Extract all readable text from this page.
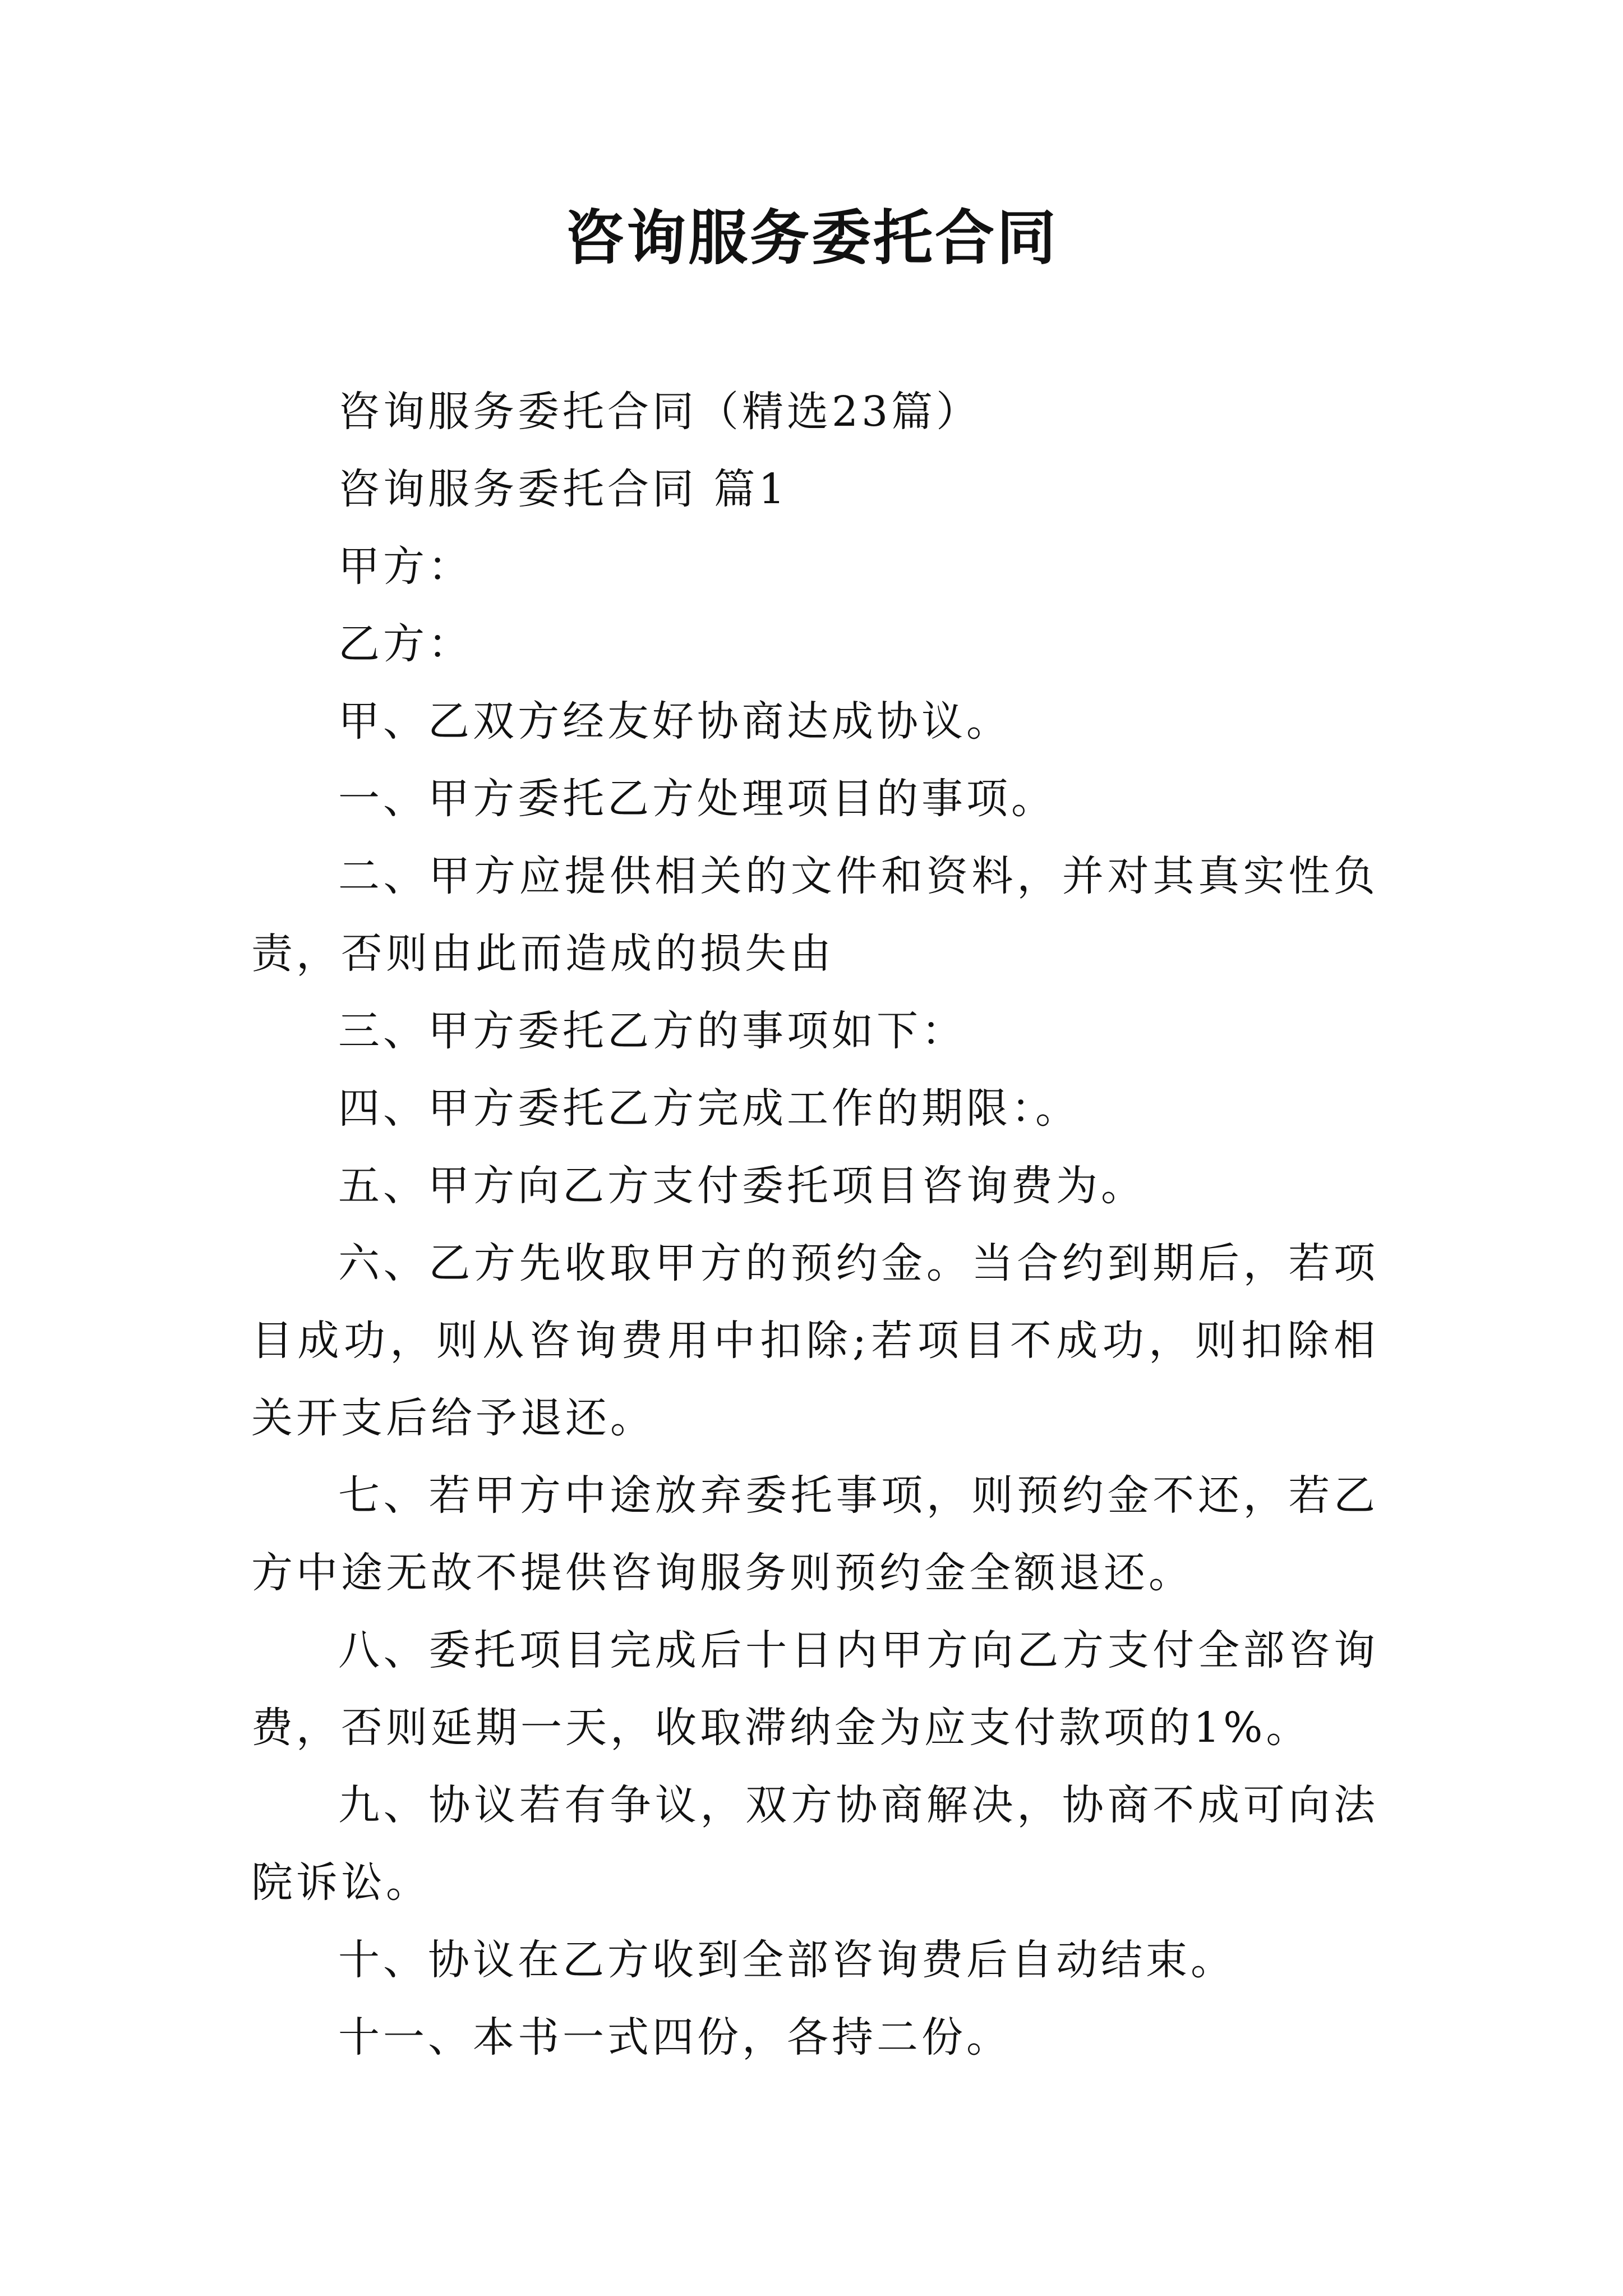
咨询服务委托合同

咨询服务委托合同（精选23篇）

咨询服务委托合同 篇1

甲方：

乙方：

甲、乙双方经友好协商达成协议。

一、甲方委托乙方处理项目的事项。

二、甲方应提供相关的文件和资料，并对其真实性负责，否则由此而造成的损失由

三、甲方委托乙方的事项如下：

四、甲方委托乙方完成工作的期限：。

五、甲方向乙方支付委托项目咨询费为。

六、乙方先收取甲方的预约金。当合约到期后，若项目成功，则从咨询费用中扣除;若项目不成功，则扣除相关开支后给予退还。

七、若甲方中途放弃委托事项，则预约金不还，若乙方中途无故不提供咨询服务则预约金全额退还。

八、委托项目完成后十日内甲方向乙方支付全部咨询费，否则延期一天，收取滞纳金为应支付款项的1%。

九、协议若有争议，双方协商解决，协商不成可向法院诉讼。

十、协议在乙方收到全部咨询费后自动结束。

十一、本书一式四份，各持二份。
